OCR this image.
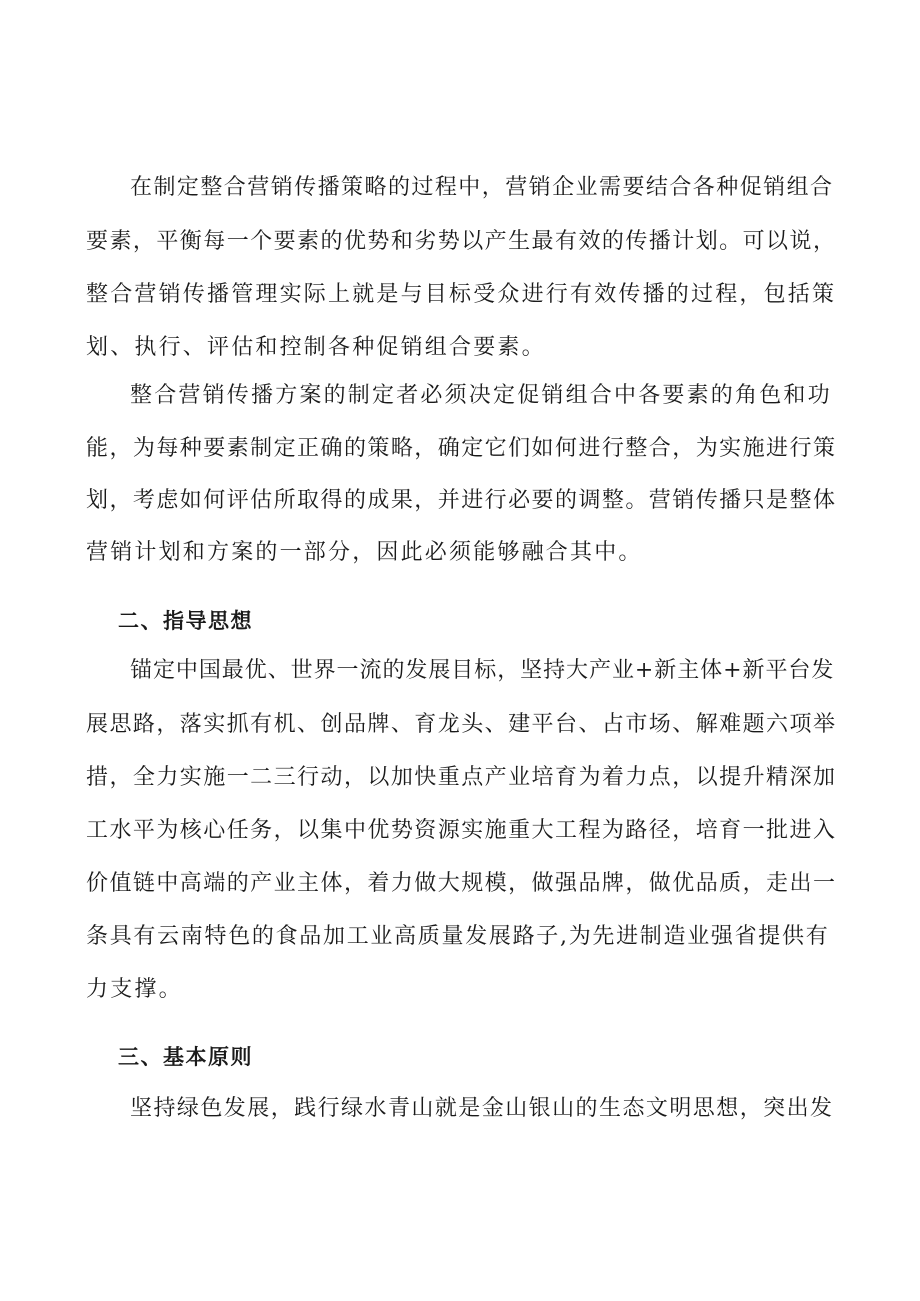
在制定整合营销传播策略的过程中，营销企业需要结合各种促销组合

要素，平衡每一个要素的优势和劣势以产生最有效的传播计划。可以说，

整合营销传播管理实际上就是与目标受众进行有效传播的过程，包括策

划、执行、评估和控制各种促销组合要素。

整合营销传播方案的制定者必须决定促销组合中各要素的角色和功

能，为每种要素制定正确的策略，确定它们如何进行整合，为实施进行策

划，考虑如何评估所取得的成果，并进行必要的调整。营销传播只是整体

营销计划和方案的一部分，因此必须能够融合其中。

二、指导思想

锚定中国最优、世界一流的发展目标，坚持大产业+新主体+新平台发

展思路，落实抓有机、创品牌、育龙头、建平台、占市场、解难题六项举

措，全力实施一二三行动，以加快重点产业培育为着力点，以提升精深加

工水平为核心任务，以集中优势资源实施重大工程为路径，培育一批进入

价值链中高端的产业主体，着力做大规模，做强品牌，做优品质，走出一

条具有云南特色的食品加工业高质量发展路子,为先进制造业强省提供有

力支撑。

三、基本原则

坚持绿色发展，践行绿水青山就是金山银山的生态文明思想，突出发
